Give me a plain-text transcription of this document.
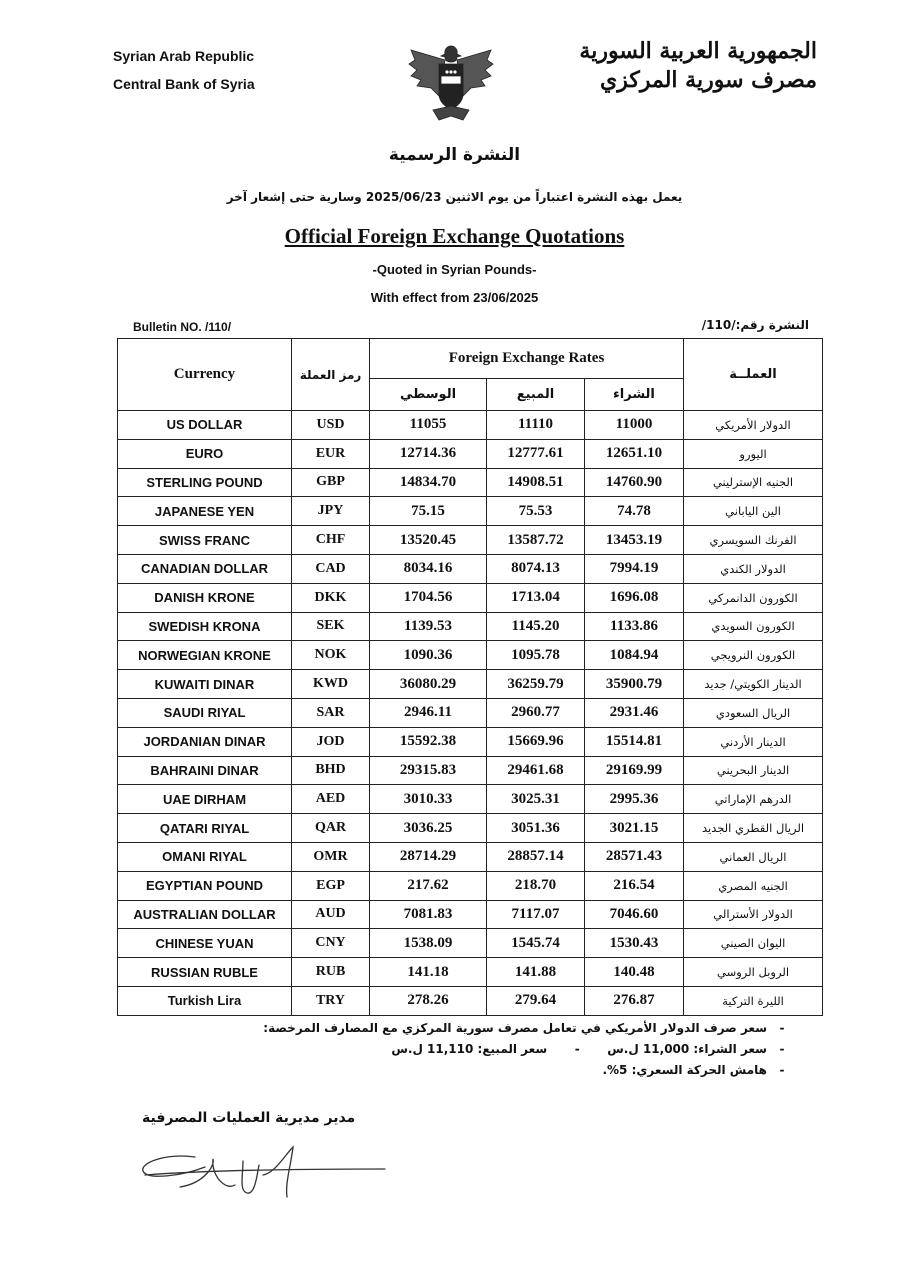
Syrian Arab Republic
Central Bank of Syria
الجمهورية العربية السورية
مصرف سورية المركزي
النشرة الرسمية
يعمل بهذه النشرة اعتباراً من يوم الاثنين 2025/06/23 وسارية حتى إشعار آخر
Official Foreign Exchange Quotations
-Quoted in Syrian Pounds-
With effect from 23/06/2025
Bulletin NO. /110/	النشرة رقم:/110/
Currency	رمز العملة	Foreign Exchange Rates			العملــة
		الوسطي	المبيع	الشراء	
US DOLLAR	USD	11055	11110	11000	الدولار الأمريكي
EURO	EUR	12714.36	12777.61	12651.10	اليورو
STERLING POUND	GBP	14834.70	14908.51	14760.90	الجنيه الإسترليني
JAPANESE YEN	JPY	75.15	75.53	74.78	الين الياباني
SWISS FRANC	CHF	13520.45	13587.72	13453.19	الفرنك السويسري
CANADIAN DOLLAR	CAD	8034.16	8074.13	7994.19	الدولار الكندي
DANISH KRONE	DKK	1704.56	1713.04	1696.08	الكورون الدانمركي
SWEDISH KRONA	SEK	1139.53	1145.20	1133.86	الكورون السويدي
NORWEGIAN KRONE	NOK	1090.36	1095.78	1084.94	الكورون النرويجي
KUWAITI DINAR	KWD	36080.29	36259.79	35900.79	الدينار الكويتي/ جديد
SAUDI RIYAL	SAR	2946.11	2960.77	2931.46	الريال السعودي
JORDANIAN DINAR	JOD	15592.38	15669.96	15514.81	الدينار الأردني
BAHRAINI DINAR	BHD	29315.83	29461.68	29169.99	الدينار البحريني
UAE DIRHAM	AED	3010.33	3025.31	2995.36	الدرهم الإماراتي
QATARI RIYAL	QAR	3036.25	3051.36	3021.15	الريال القطري الجديد
OMANI RIYAL	OMR	28714.29	28857.14	28571.43	الريال العماني
EGYPTIAN POUND	EGP	217.62	218.70	216.54	الجنيه المصري
AUSTRALIAN DOLLAR	AUD	7081.83	7117.07	7046.60	الدولار الأسترالي
CHINESE YUAN	CNY	1538.09	1545.74	1530.43	اليوان الصيني
RUSSIAN RUBLE	RUB	141.18	141.88	140.48	الروبل الروسي
Turkish Lira	TRY	278.26	279.64	276.87	الليرة التركية
-سعر صرف الدولار الأمريكي في تعامل مصرف سورية المركزي مع المصارف المرخصة:
-سعر الشراء: 11,000 ل.س-سعر المبيع: 11,110 ل.س
-هامش الحركة السعري: 5%.
مدير مديرية العمليات المصرفية
